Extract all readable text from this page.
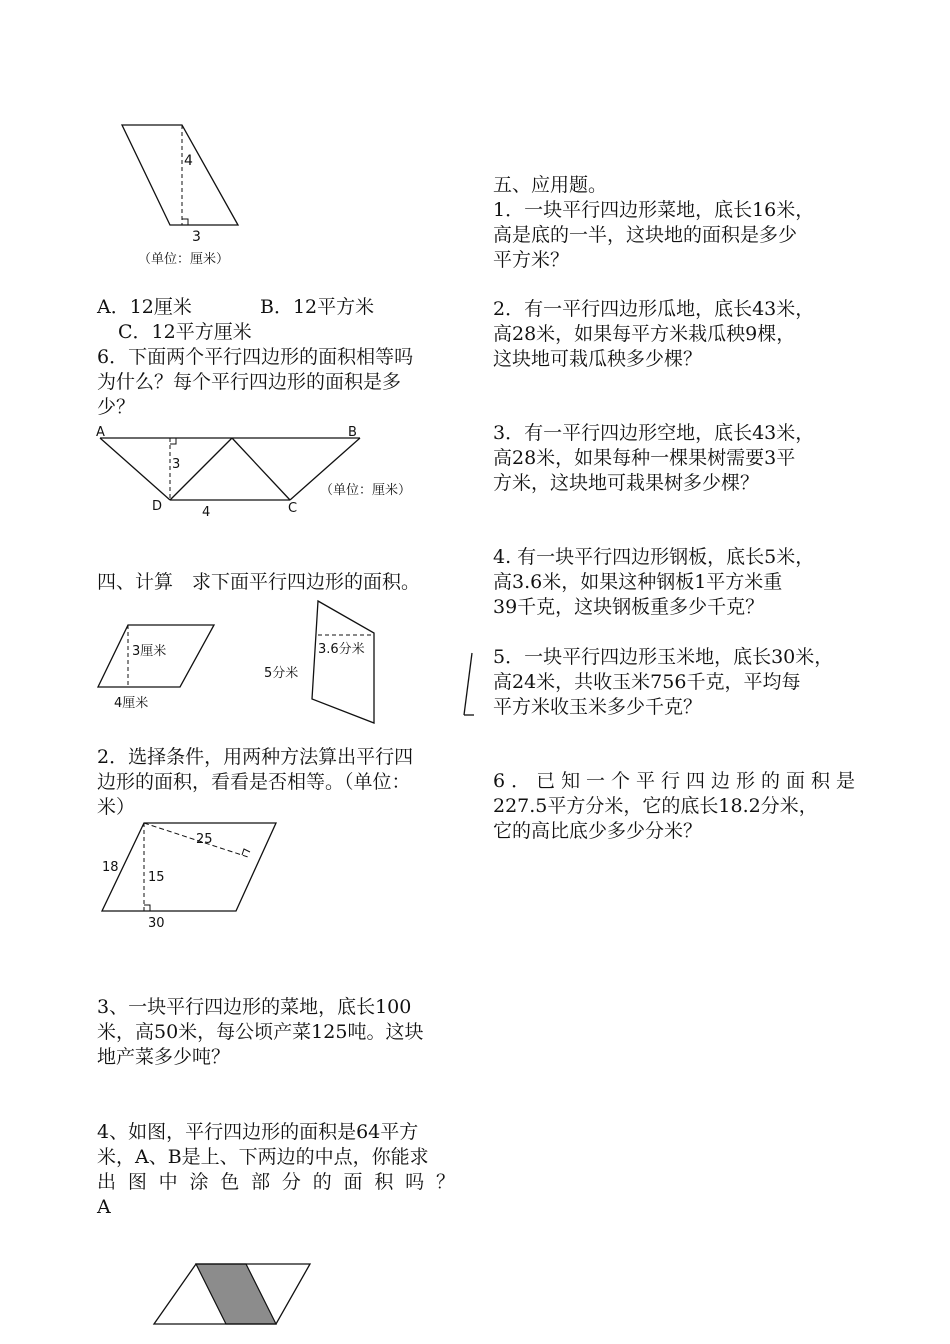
4
3
（单位：厘米）
A．12厘米	B．12平方米
C．12平方厘米
6．下面两个平行四边形的面积相等吗
为什么？每个平行四边形的面积是多
少？
A	B
D	C
3
4
（单位：厘米）
四、计算　求下面平行四边形的面积。
3厘米
4厘米
3.6分米
5分米
2．选择条件，用两种方法算出平行四
边形的面积，看看是否相等。（单位：
米）
18
15
25
30
3、一块平行四边形的菜地，底长100
米，高50米，每公顷产菜125吨。这块
地产菜多少吨？
4、如图，平行四边形的面积是64平方
米，A、B是上、下两边的中点，你能求
出图中涂色部分的面积吗？
A
五、应用题。
1．一块平行四边形菜地，底长16米，
高是底的一半，这块地的面积是多少
平方米？
2．有一平行四边形瓜地，底长43米，
高28米，如果每平方米栽瓜秧9棵，
这块地可栽瓜秧多少棵？
3．有一平行四边形空地，底长43米，
高28米，如果每种一棵果树需要3平
方米，这块地可栽果树多少棵？
4. 有一块平行四边形钢板，底长5米，
高3.6米，如果这种钢板1平方米重
39千克，这块钢板重多少千克？
5．一块平行四边形玉米地，底长30米，
高24米，共收玉米756千克，平均每
平方米收玉米多少千克？
6．已知一个平行四边形的面积是
227.5平方分米，它的底长18.2分米，
它的高比底少多少分米？
